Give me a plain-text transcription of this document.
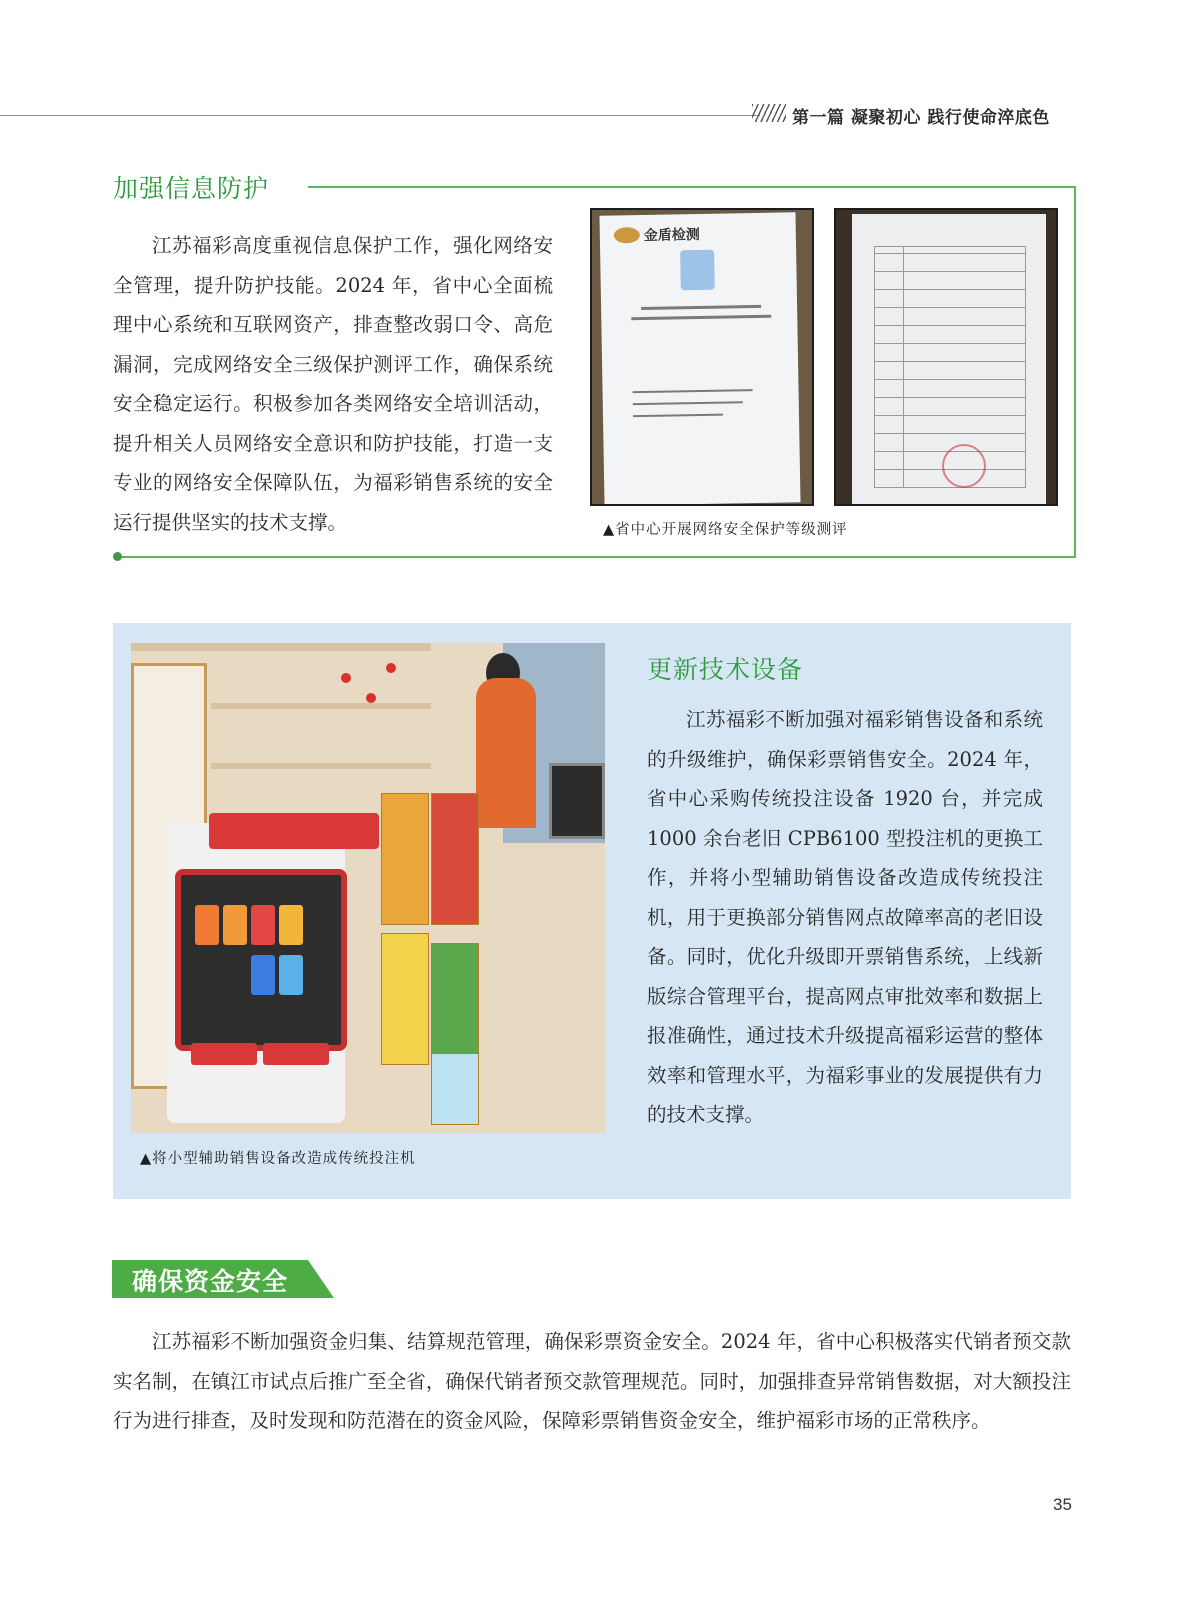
第一篇 凝聚初心 践行使命淬底色
加强信息防护

江苏福彩高度重视信息保护工作，强化网络安全管理，提升防护技能。2024 年，省中心全面梳理中心系统和互联网资产，排查整改弱口令、高危漏洞，完成网络安全三级保护测评工作，确保系统安全稳定运行。积极参加各类网络安全培训活动，提升相关人员网络安全意识和防护技能，打造一支专业的网络安全保障队伍，为福彩销售系统的安全运行提供坚实的技术支撑。

金盾检测
▲省中心开展网络安全保护等级测评
▲将小型辅助销售设备改造成传统投注机
更新技术设备

江苏福彩不断加强对福彩销售设备和系统的升级维护，确保彩票销售安全。2024 年，省中心采购传统投注设备 1920 台，并完成 1000 余台老旧 CPB6100 型投注机的更换工作，并将小型辅助销售设备改造成传统投注机，用于更换部分销售网点故障率高的老旧设备。同时，优化升级即开票销售系统，上线新版综合管理平台，提高网点审批效率和数据上报准确性，通过技术升级提高福彩运营的整体效率和管理水平，为福彩事业的发展提供有力的技术支撑。

确保资金安全

江苏福彩不断加强资金归集、结算规范管理，确保彩票资金安全。2024 年，省中心积极落实代销者预交款实名制，在镇江市试点后推广至全省，确保代销者预交款管理规范。同时，加强排查异常销售数据，对大额投注行为进行排查，及时发现和防范潜在的资金风险，保障彩票销售资金安全，维护福彩市场的正常秩序。

35
